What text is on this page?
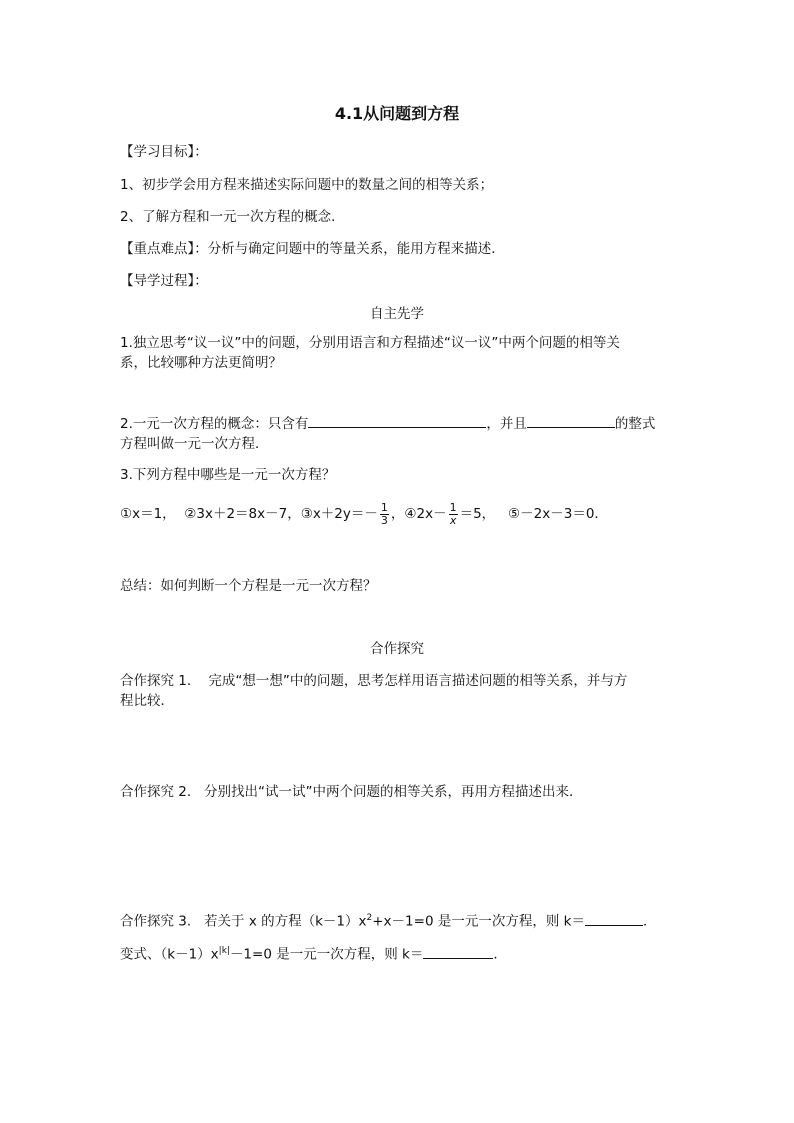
4.1从问题到方程
【学习目标】：
1、初步学会用方程来描述实际问题中的数量之间的相等关系；
2、了解方程和一元一次方程的概念．
【重点难点】：分析与确定问题中的等量关系，能用方程来描述．
【导学过程】：
自主先学
1.独立思考“议一议”中的问题，分别用语言和方程描述“议一议”中两个问题的相等关
系，比较哪种方法更简明？
2.一元一次方程的概念：只含有	，并且	的整式
方程叫做一元一次方程．
3.下列方程中哪些是一元一次方程？
①x＝1， ②3x＋2＝8x－7，③x＋2y＝－ $\frac{1}{3}$ ，④2x－ $\frac{1}{x} =5$， ⑤－2x－3＝0．
总结：如何判断一个方程是一元一次方程？
合作探究
合作探究 1. 完成“想一想”中的问题，思考怎样用语言描述问题的相等关系，并与方
程比较．
合作探究 2. 分别找出“试一试”中两个问题的相等关系，再用方程描述出来．
合作探究 3. 若关于 x 的方程$(k-1)x^2+x-1=0$ 是一元一次方程，则 k＝	．
变式、$(k-1)x^{|k|}-1=0$ 是一元一次方程，则 k＝	．
